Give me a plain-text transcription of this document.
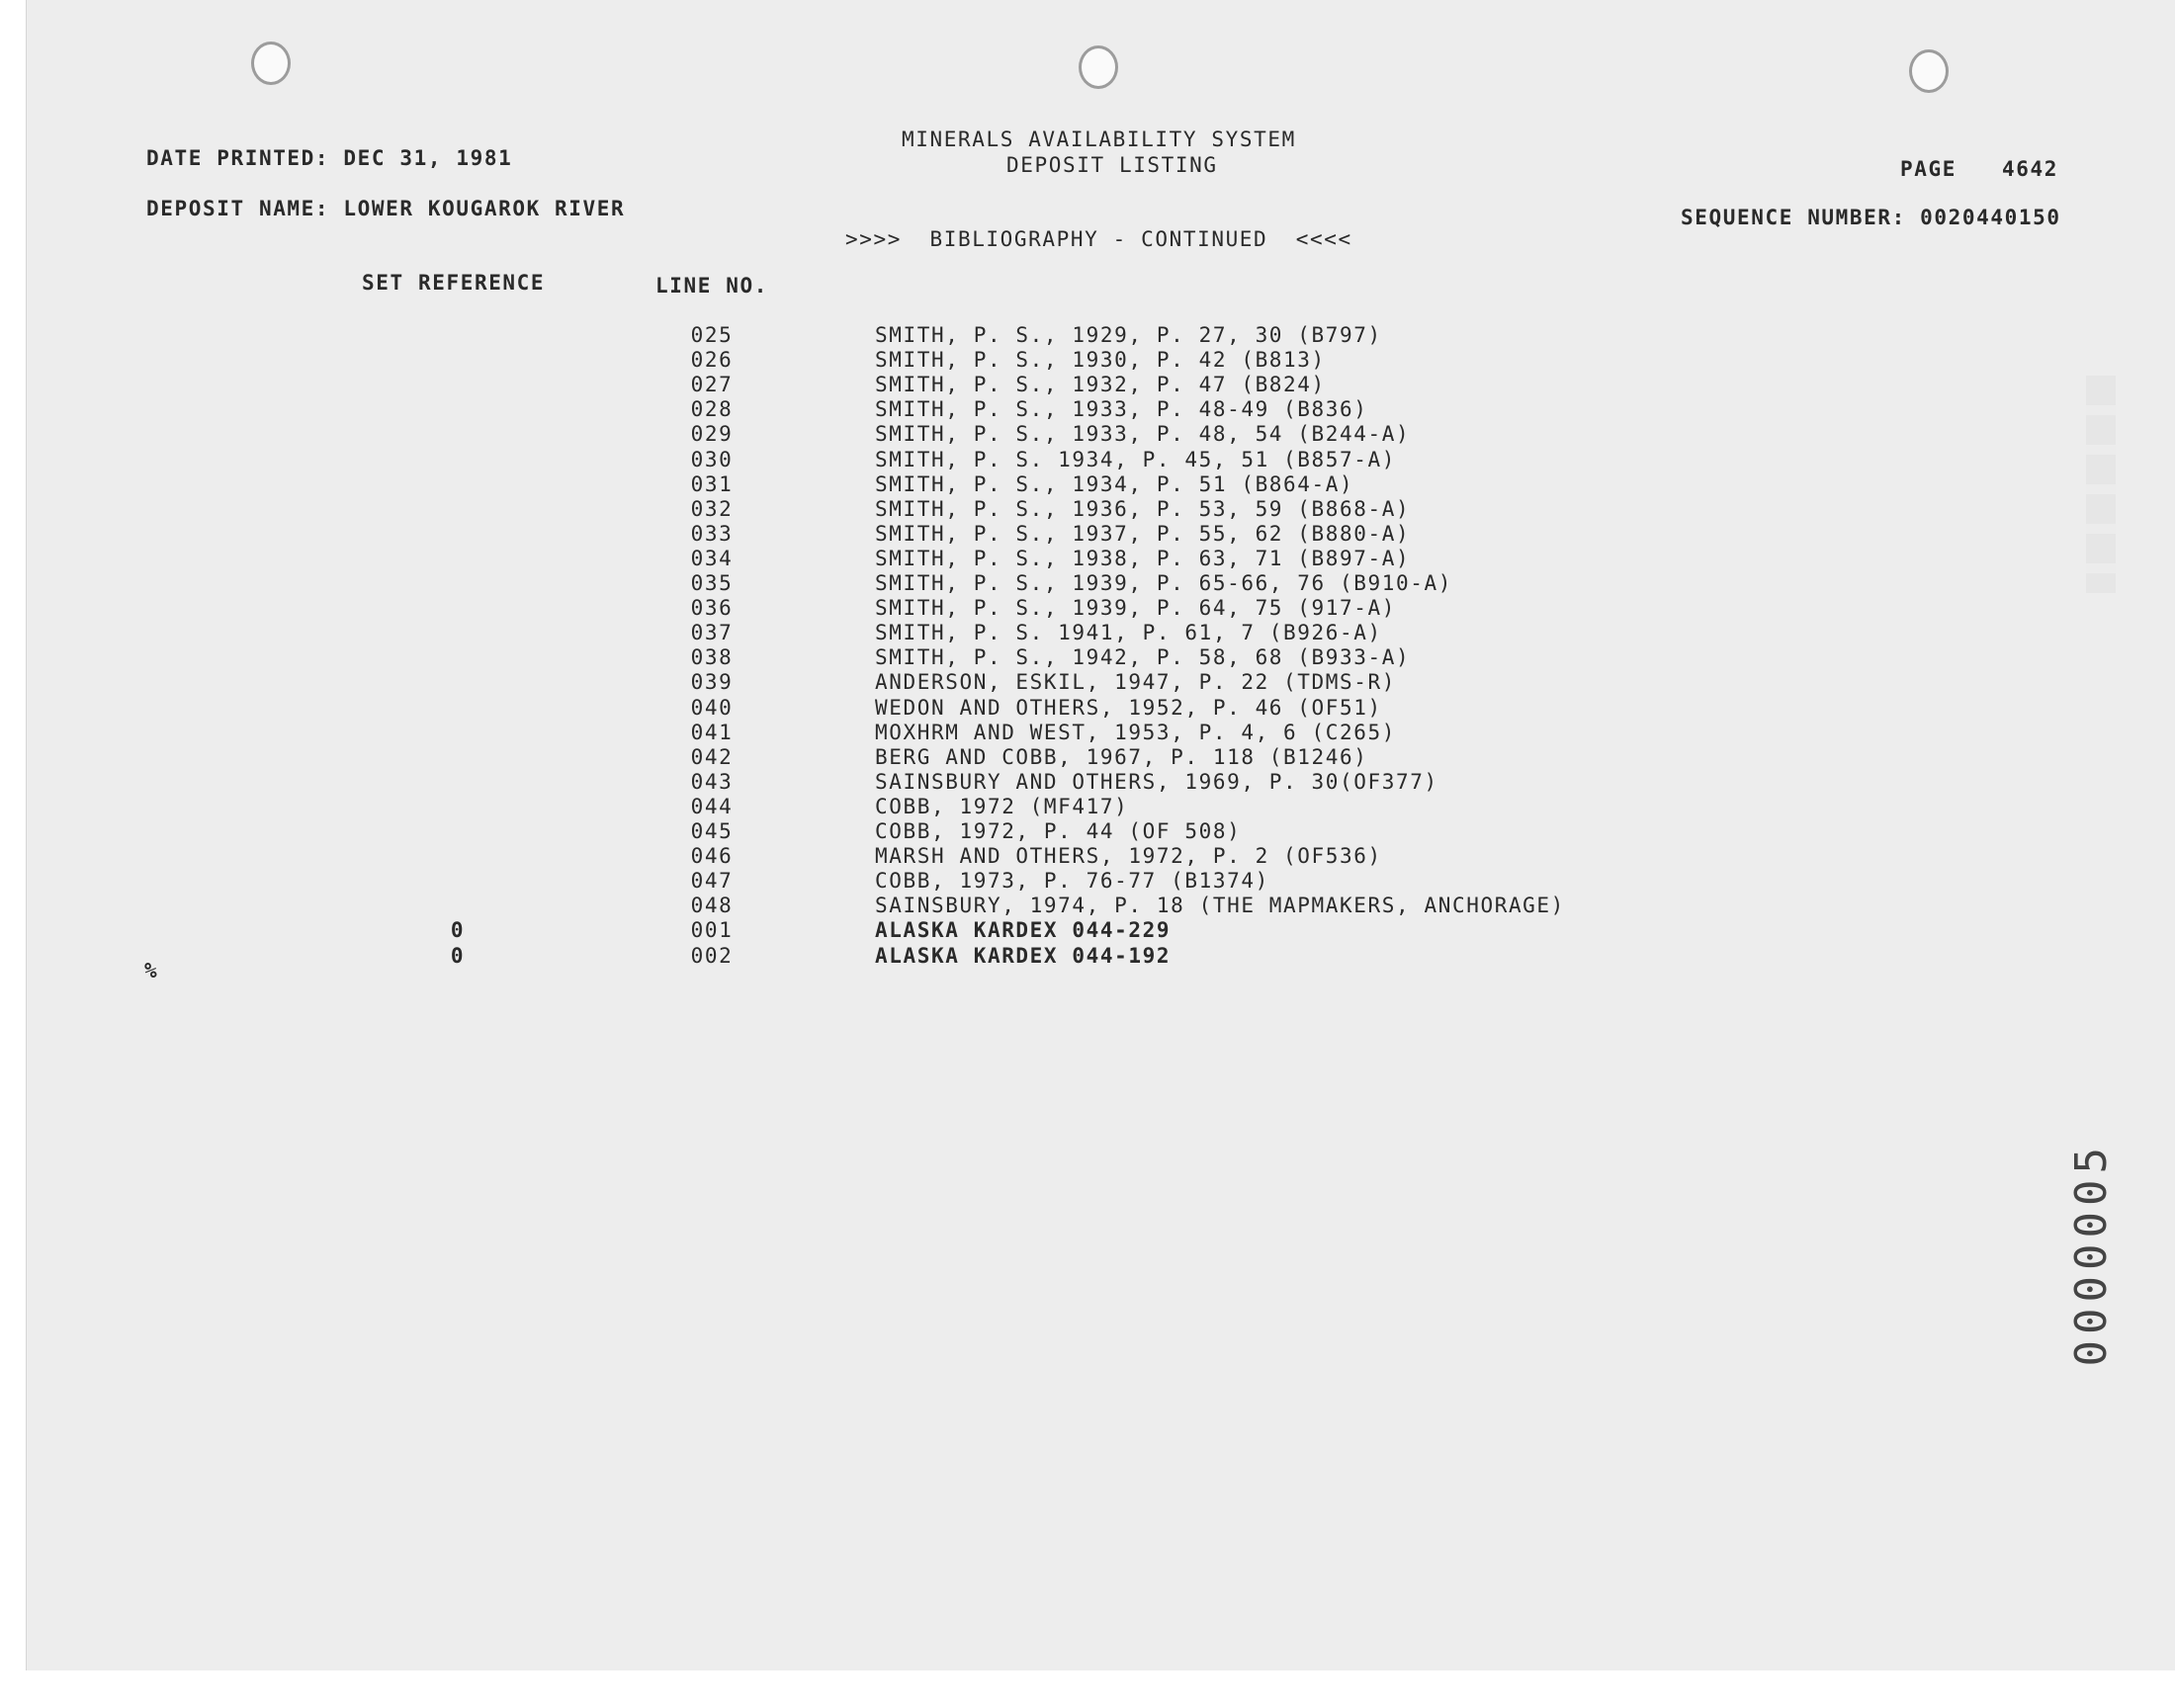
DATE PRINTED: DEC 31, 1981
MINERALS AVAILABILITY SYSTEM
DEPOSIT LISTING	PAGE 4642
DEPOSIT NAME: LOWER KOUGAROK RIVER	SEQUENCE NUMBER: 0020440150
>>>>  BIBLIOGRAPHY - CONTINUED  <<<<
SET REFERENCE	LINE NO.
025	SMITH, P. S., 1929, P. 27, 30 (B797)
026	SMITH, P. S., 1930, P. 42 (B813)
027	SMITH, P. S., 1932, P. 47 (B824)
028	SMITH, P. S., 1933, P. 48-49 (B836)
029	SMITH, P. S., 1933, P. 48, 54 (B244-A)
030	SMITH, P. S. 1934, P. 45, 51 (B857-A)
031	SMITH, P. S., 1934, P. 51 (B864-A)
032	SMITH, P. S., 1936, P. 53, 59 (B868-A)
033	SMITH, P. S., 1937, P. 55, 62 (B880-A)
034	SMITH, P. S., 1938, P. 63, 71 (B897-A)
035	SMITH, P. S., 1939, P. 65-66, 76 (B910-A)
036	SMITH, P. S., 1939, P. 64, 75 (917-A)
037	SMITH, P. S. 1941, P. 61, 7 (B926-A)
038	SMITH, P. S., 1942, P. 58, 68 (B933-A)
039	ANDERSON, ESKIL, 1947, P. 22 (TDMS-R)
040	WEDON AND OTHERS, 1952, P. 46 (OF51)
041	MOXHRM AND WEST, 1953, P. 4, 6 (C265)
042	BERG AND COBB, 1967, P. 118 (B1246)
043	SAINSBURY AND OTHERS, 1969, P. 30(OF377)
044	COBB, 1972 (MF417)
045	COBB, 1972, P. 44 (OF 508)
046	MARSH AND OTHERS, 1972, P. 2 (OF536)
047	COBB, 1973, P. 76-77 (B1374)
048	SAINSBURY, 1974, P. 18 (THE MAPMAKERS, ANCHORAGE)
0	001	ALASKA KARDEX 044-229
0	002	ALASKA KARDEX 044-192
%
0000005
